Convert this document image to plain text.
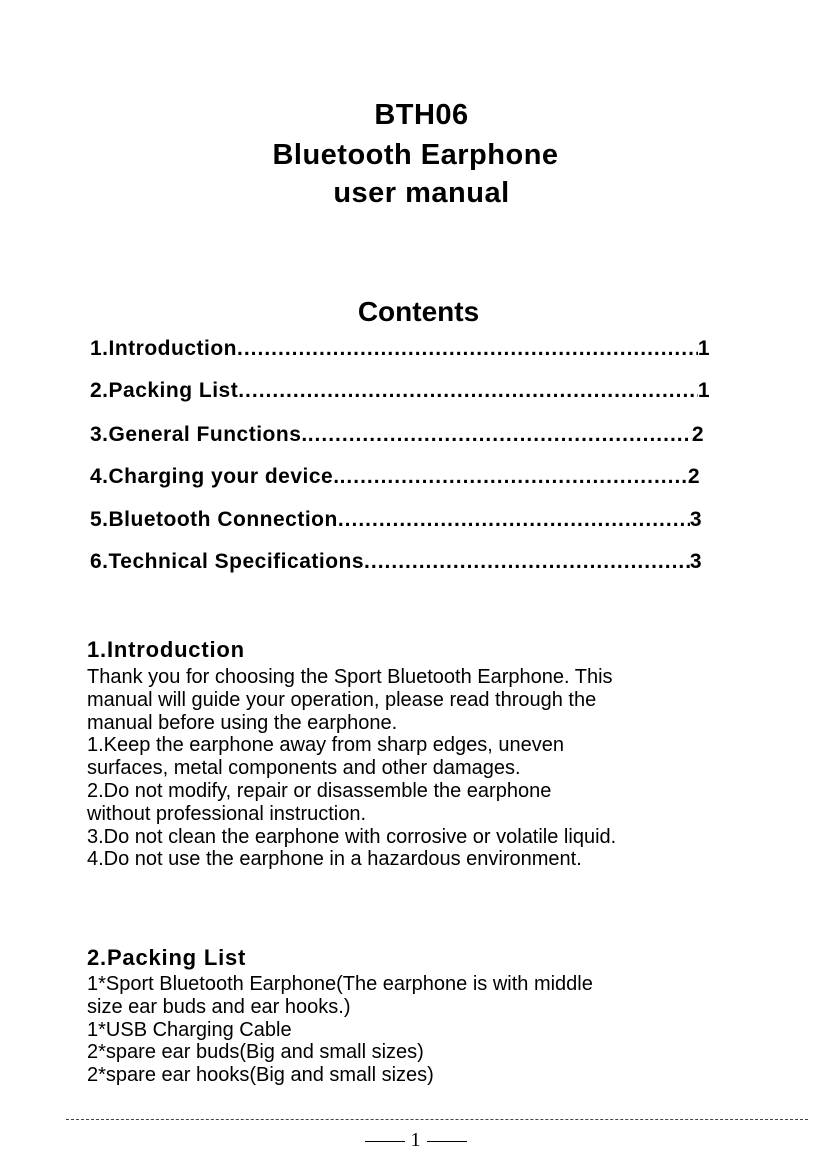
BTH06
Bluetooth Earphone
user manual
Contents
1.Introduction .....	1
2.Packing List .....	1
3.General Functions. .....	2
4.Charging your device. .....	2
5.Bluetooth Connection .....	3
6.Technical Specifications .....	3
1.Introduction
Thank you for choosing the Sport Bluetooth Earphone. This
manual will guide your operation, please read through the
manual before using the earphone.
1.Keep the earphone away from sharp edges, uneven
surfaces, metal components and other damages.
2.Do not modify, repair or disassemble the earphone
without professional instruction.
3.Do not clean the earphone with corrosive or volatile liquid.
4.Do not use the earphone in a hazardous environment.
2.Packing List
1*Sport Bluetooth Earphone(The earphone is with middle
size ear buds and ear hooks.)
1*USB Charging Cable
2*spare ear buds(Big and small sizes)
2*spare ear hooks(Big and small sizes)
1
